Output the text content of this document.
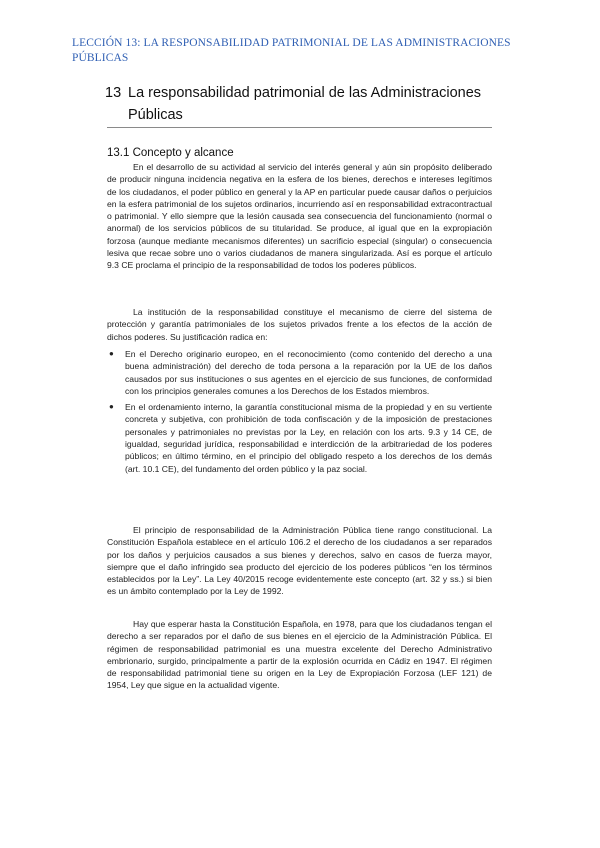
LECCIÓN 13: LA RESPONSABILIDAD PATRIMONIAL DE LAS ADMINISTRACIONES PÚBLICAS
13 La responsabilidad patrimonial de las Administraciones Públicas
13.1 Concepto y alcance

En el desarrollo de su actividad al servicio del interés general y aún sin propósito deliberado de producir ninguna incidencia negativa en la esfera de los bienes, derechos e intereses legítimos de los ciudadanos, el poder público en general y la AP en particular puede causar daños o perjuicios en la esfera patrimonial de los sujetos ordinarios, incurriendo así en responsabilidad extracontractual o patrimonial. Y ello siempre que la lesión causada sea consecuencia del funcionamiento (normal o anormal) de los servicios públicos de su titularidad. Se produce, al igual que en la expropiación forzosa (aunque mediante mecanismos diferentes) un sacrificio especial (singular) o consecuencia lesiva que recae sobre uno o varios ciudadanos de manera singularizada. Así es porque el artículo 9.3 CE proclama el principio de la responsabilidad de todos los poderes públicos.

La institución de la responsabilidad constituye el mecanismo de cierre del sistema de protección y garantía patrimoniales de los sujetos privados frente a los efectos de la acción de dichos poderes. Su justificación radica en:

● En el Derecho originario europeo, en el reconocimiento (como contenido del derecho a una buena administración) del derecho de toda persona a la reparación por la UE de los daños causados por sus instituciones o sus agentes en el ejercicio de sus funciones, de conformidad con los principios generales comunes a los Derechos de los Estados miembros.
● En el ordenamiento interno, la garantía constitucional misma de la propiedad y en su vertiente concreta y subjetiva, con prohibición de toda confiscación y de la imposición de prestaciones personales y patrimoniales no previstas por la Ley, en relación con los arts. 9.3 y 14 CE, de igualdad, seguridad jurídica, responsabilidad e interdicción de la arbitrariedad de los poderes públicos; en último término, en el principio del obligado respeto a los derechos de los demás (art. 10.1 CE), del fundamento del orden público y la paz social.

El principio de responsabilidad de la Administración Pública tiene rango constitucional. La Constitución Española establece en el artículo 106.2 el derecho de los ciudadanos a ser reparados por los daños y perjuicios causados a sus bienes y derechos, salvo en casos de fuerza mayor, siempre que el daño infringido sea producto del ejercicio de los poderes públicos “en los términos establecidos por la Ley”. La Ley 40/2015 recoge evidentemente este concepto (art. 32 y ss.) si bien es un ámbito contemplado por la Ley de 1992.

Hay que esperar hasta la Constitución Española, en 1978, para que los ciudadanos tengan el derecho a ser reparados por el daño de sus bienes en el ejercicio de la Administración Pública. El régimen de responsabilidad patrimonial es una muestra excelente del Derecho Administrativo embrionario, surgido, principalmente a partir de la explosión ocurrida en Cádiz en 1947. El régimen de responsabilidad patrimonial tiene su origen en la Ley de Expropiación Forzosa (LEF 121) de 1954, Ley que sigue en la actualidad vigente.
